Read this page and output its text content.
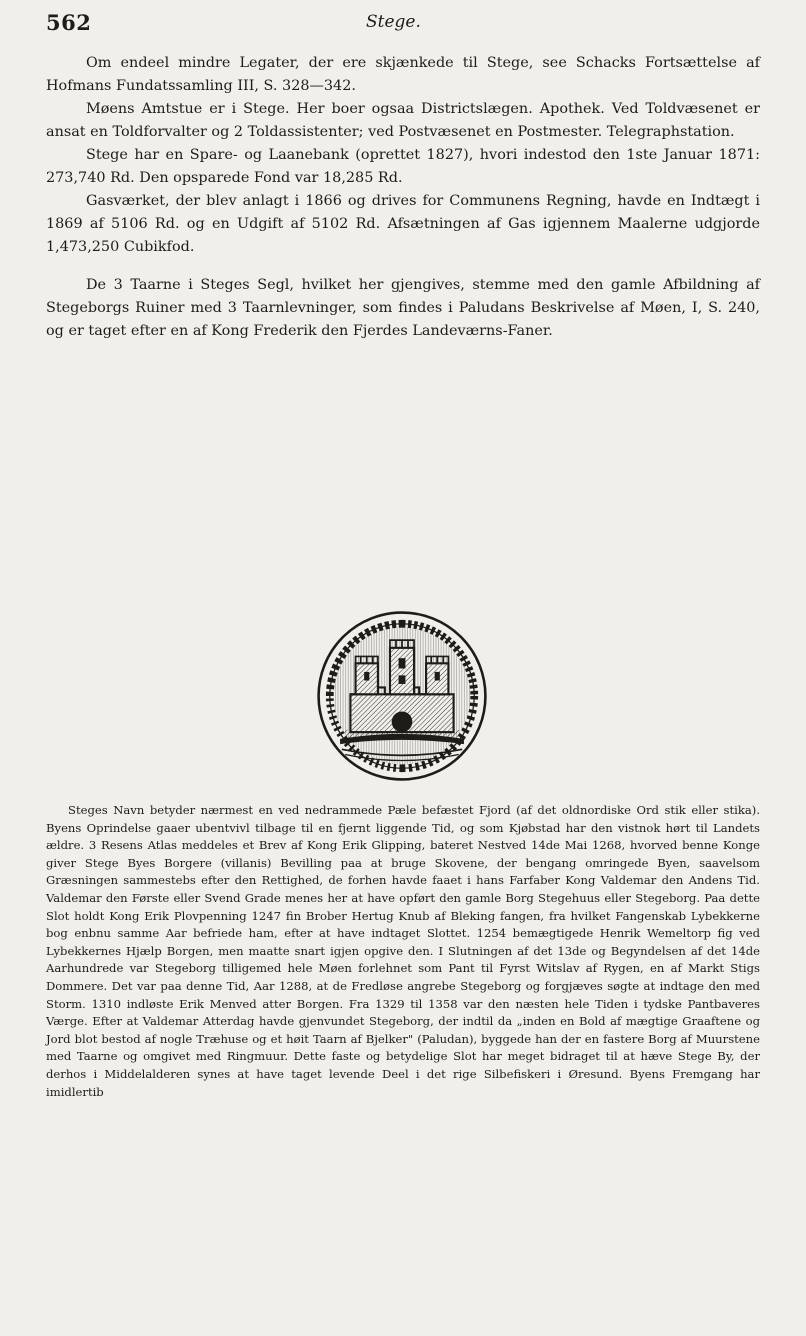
562	Stege.

Om endeel mindre Legater, der ere skjænkede til Stege, see Schacks Fortsættelse af Hofmans Fundatssamling III, S. 328—342.

Møens Amtstue er i Stege. Her boer ogsaa Districtslægen. Apothek. Ved Toldvæsenet er ansat en Toldforvalter og 2 Toldassistenter; ved Postvæsenet en Postmester. Telegraphstation.

Stege har en Spare- og Laanebank (oprettet 1827), hvori indestod den 1ste Januar 1871: 273,740 Rd. Den opsparede Fond var 18,285 Rd.

Gasværket, der blev anlagt i 1866 og drives for Communens Regning, havde en Indtægt i 1869 af 5106 Rd. og en Udgift af 5102 Rd. Afsætningen af Gas igjennem Maalerne udgjorde 1,473,250 Cubikfod.

De 3 Taarne i Steges Segl, hvilket her gjengives, stemme med den gamle Afbildning af Stegeborgs Ruiner med 3 Taarnlevninger, som findes i Paludans Beskrivelse af Møen, I, S. 240, og er taget efter en af Kong Frederik den Fjerdes Landeværns-Faner.

Steges Navn betyder nærmest en ved nedrammede Pæle befæstet Fjord (af det oldnordiske Ord stik eller stika). Byens Oprindelse gaaer ubentvivl tilbage til en fjernt liggende Tid, og som Kjøbstad har den vistnok hørt til Landets ældre. 3 Resens Atlas meddeles et Brev af Kong Erik Glipping, bateret Nestved 14de Mai 1268, hvorved benne Konge giver Stege Byes Borgere (villanis) Bevilling paa at bruge Skovene, der bengang omringede Byen, saavelsom Græsningen sammestebs efter den Rettighed, de forhen havde faaet i hans Farfaber Kong Valdemar den Andens Tid. Valdemar den Første eller Svend Grade menes her at have opført den gamle Borg Stegehuus eller Stegeborg. Paa dette Slot holdt Kong Erik Plovpenning 1247 fin Brober Hertug Knub af Bleking fangen, fra hvilket Fangenskab Lybekkerne bog enbnu samme Aar befriede ham, efter at have indtaget Slottet. 1254 bemægtigede Henrik Wemeltorp fig ved Lybekkernes Hjælp Borgen, men maatte snart igjen opgive den. I Slutningen af det 13de og Begyndelsen af det 14de Aarhundrede var Stegeborg tilligemed hele Møen forlehnet som Pant til Fyrst Witslav af Rygen, en af Markt Stigs Dommere. Det var paa denne Tid, Aar 1288, at de Fredløse angrebe Stegeborg og forgjæves søgte at indtage den med Storm. 1310 indløste Erik Menved atter Borgen. Fra 1329 til 1358 var den næsten hele Tiden i tydske Pantbaveres Værge. Efter at Valdemar Atterdag havde gjenvundet Stegeborg, der indtil da „inden en Bold af mægtige Graaftene og Jord blot bestod af nogle Træhuse og et høit Taarn af Bjelker" (Paludan), byggede han der en fastere Borg af Muurstene med Taarne og omgivet med Ringmuur. Dette faste og betydelige Slot har meget bidraget til at hæve Stege By, der derhos i Middelalderen synes at have taget levende Deel i det rige Silbefiskeri i Øresund. Byens Fremgang har imidlertib
